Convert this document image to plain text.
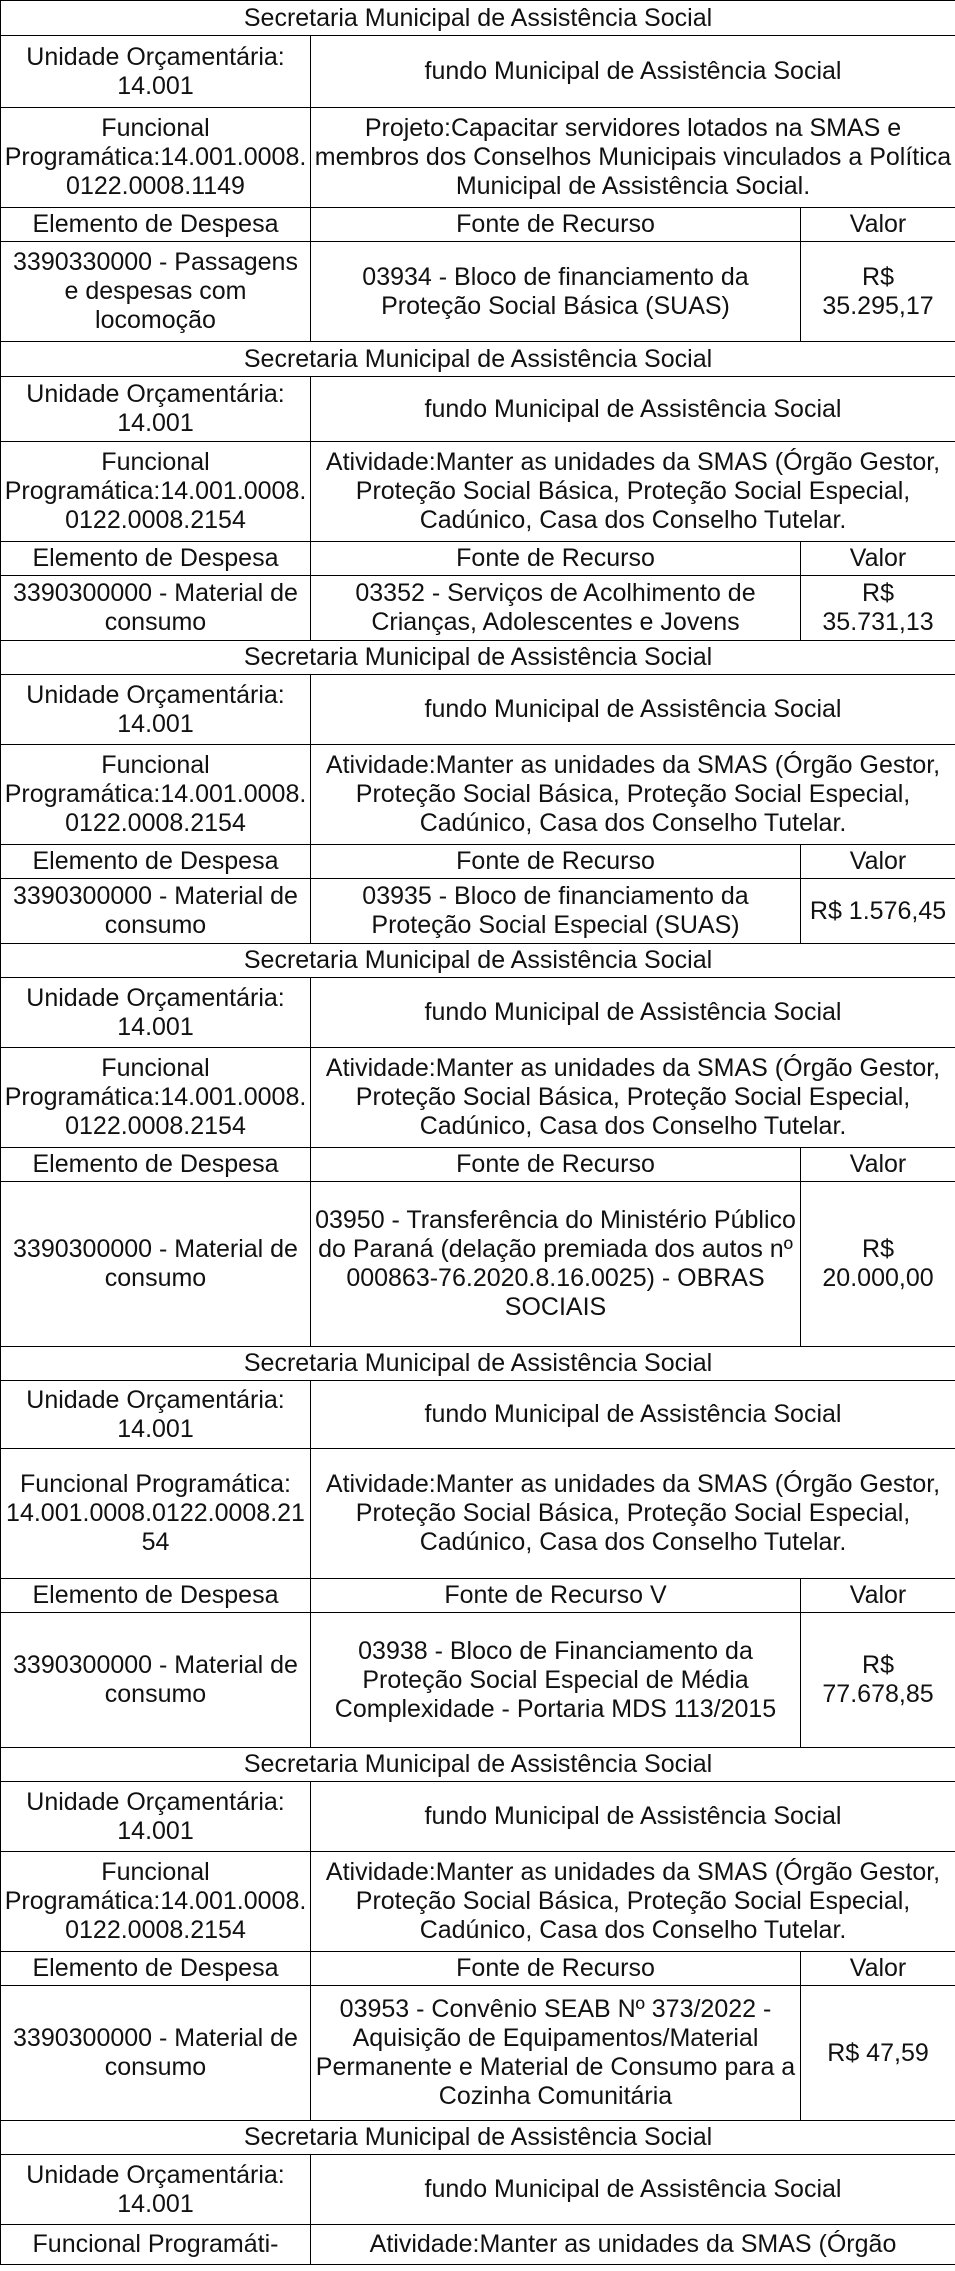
Secretaria Municipal de Assistência Social		
Unidade Orçamentária: 14.001	fundo Municipal de Assistência Social	
Funcional Programática:14.001.0008.0122.0008.1149	Projeto:Capacitar servidores lotados na SMAS e membros dos Conselhos Municipais vinculados a Política Municipal de Assistência Social.	
Elemento de Despesa	Fonte de Recurso	Valor
3390330000 - Passagens e despesas com locomoção	03934 - Bloco de financiamento da Proteção Social Básica (SUAS)	R$ 35.295,17
Secretaria Municipal de Assistência Social		
Unidade Orçamentária: 14.001	fundo Municipal de Assistência Social	
Funcional Programática:14.001.0008.0122.0008.2154	Atividade:Manter as unidades da SMAS (Órgão Gestor, Proteção Social Básica, Proteção Social Especial, Cadúnico, Casa dos Conselho Tutelar.	
Elemento de Despesa	Fonte de Recurso	Valor
3390300000 - Material de consumo	03352 - Serviços de Acolhimento de Crianças, Adolescentes e Jovens	R$ 35.731,13
Secretaria Municipal de Assistência Social		
Unidade Orçamentária: 14.001	fundo Municipal de Assistência Social	
Funcional Programática:14.001.0008.0122.0008.2154	Atividade:Manter as unidades da SMAS (Órgão Gestor, Proteção Social Básica, Proteção Social Especial, Cadúnico, Casa dos Conselho Tutelar.	
Elemento de Despesa	Fonte de Recurso	Valor
3390300000 - Material de consumo	03935 - Bloco de financiamento da Proteção Social Especial (SUAS)	R$ 1.576,45
Secretaria Municipal de Assistência Social		
Unidade Orçamentária: 14.001	fundo Municipal de Assistência Social	
Funcional Programática:14.001.0008.0122.0008.2154	Atividade:Manter as unidades da SMAS (Órgão Gestor, Proteção Social Básica, Proteção Social Especial, Cadúnico, Casa dos Conselho Tutelar.	
Elemento de Despesa	Fonte de Recurso	Valor
3390300000 - Material de consumo	03950 - Transferência do Ministério Público do Paraná (delação premiada dos autos nº 000863-76.2020.8.16.0025) - OBRAS SOCIAIS	R$ 20.000,00
Secretaria Municipal de Assistência Social		
Unidade Orçamentária: 14.001	fundo Municipal de Assistência Social	
Funcional Programática: 14.001.0008.0122.0008.2154	Atividade:Manter as unidades da SMAS (Órgão Gestor, Proteção Social Básica, Proteção Social Especial, Cadúnico, Casa dos Conselho Tutelar.	
Elemento de Despesa	Fonte de Recurso V	Valor
3390300000 - Material de consumo	03938 - Bloco de Financiamento da Proteção Social Especial de Média Complexidade - Portaria MDS 113/2015	R$ 77.678,85
Secretaria Municipal de Assistência Social		
Unidade Orçamentária: 14.001	fundo Municipal de Assistência Social	
Funcional Programática:14.001.0008.0122.0008.2154	Atividade:Manter as unidades da SMAS (Órgão Gestor, Proteção Social Básica, Proteção Social Especial, Cadúnico, Casa dos Conselho Tutelar.	
Elemento de Despesa	Fonte de Recurso	Valor
3390300000 - Material de consumo	03953 - Convênio SEAB Nº 373/2022 - Aquisição de Equipamentos/Material Permanente e Material de Consumo para a Cozinha Comunitária	R$ 47,59
Secretaria Municipal de Assistência Social		
Unidade Orçamentária: 14.001	fundo Municipal de Assistência Social	
Funcional Programáti-	Atividade:Manter as unidades da SMAS (Órgão	
